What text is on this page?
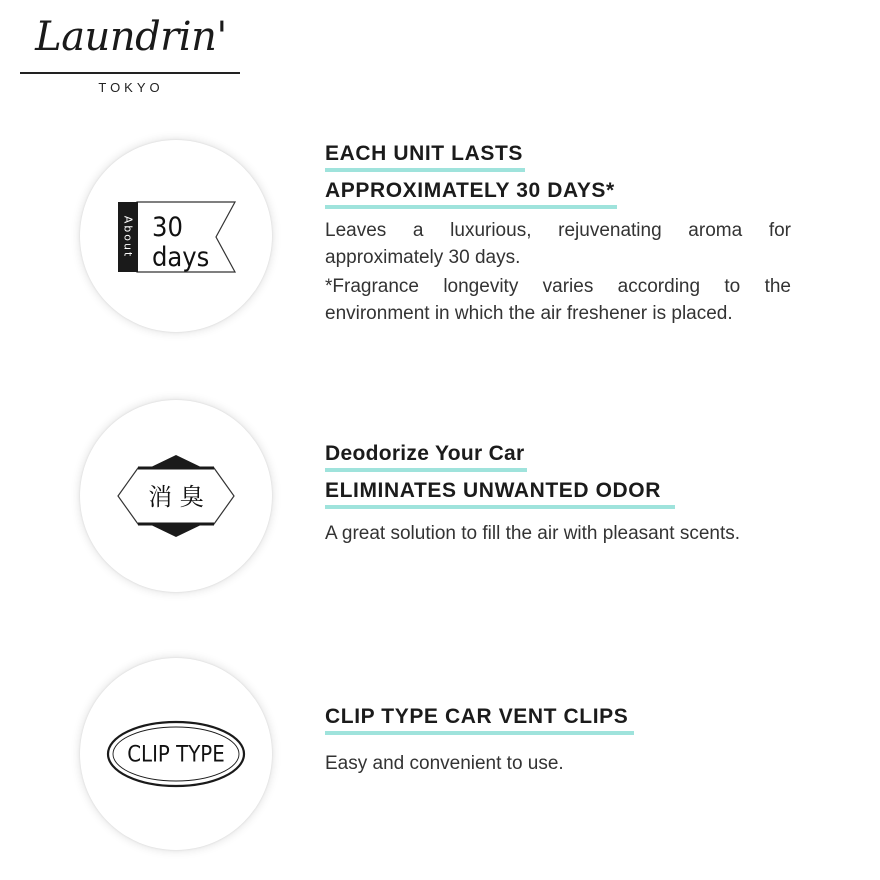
Laundrin'
TOKYO
About 30
days
EACH UNIT LASTS
APPROXIMATELY 30 DAYS*
Leaves a luxurious, rejuvenating aroma for approximately 30 days.
*Fragrance longevity varies according to the environment in which the air freshener is placed.
消 臭
Deodorize Your Car
ELIMINATES UNWANTED ODOR
A great solution to fill the air with pleasant scents.
CLIP TYPE
CLIP TYPE CAR VENT CLIPS
Easy and convenient to use.
